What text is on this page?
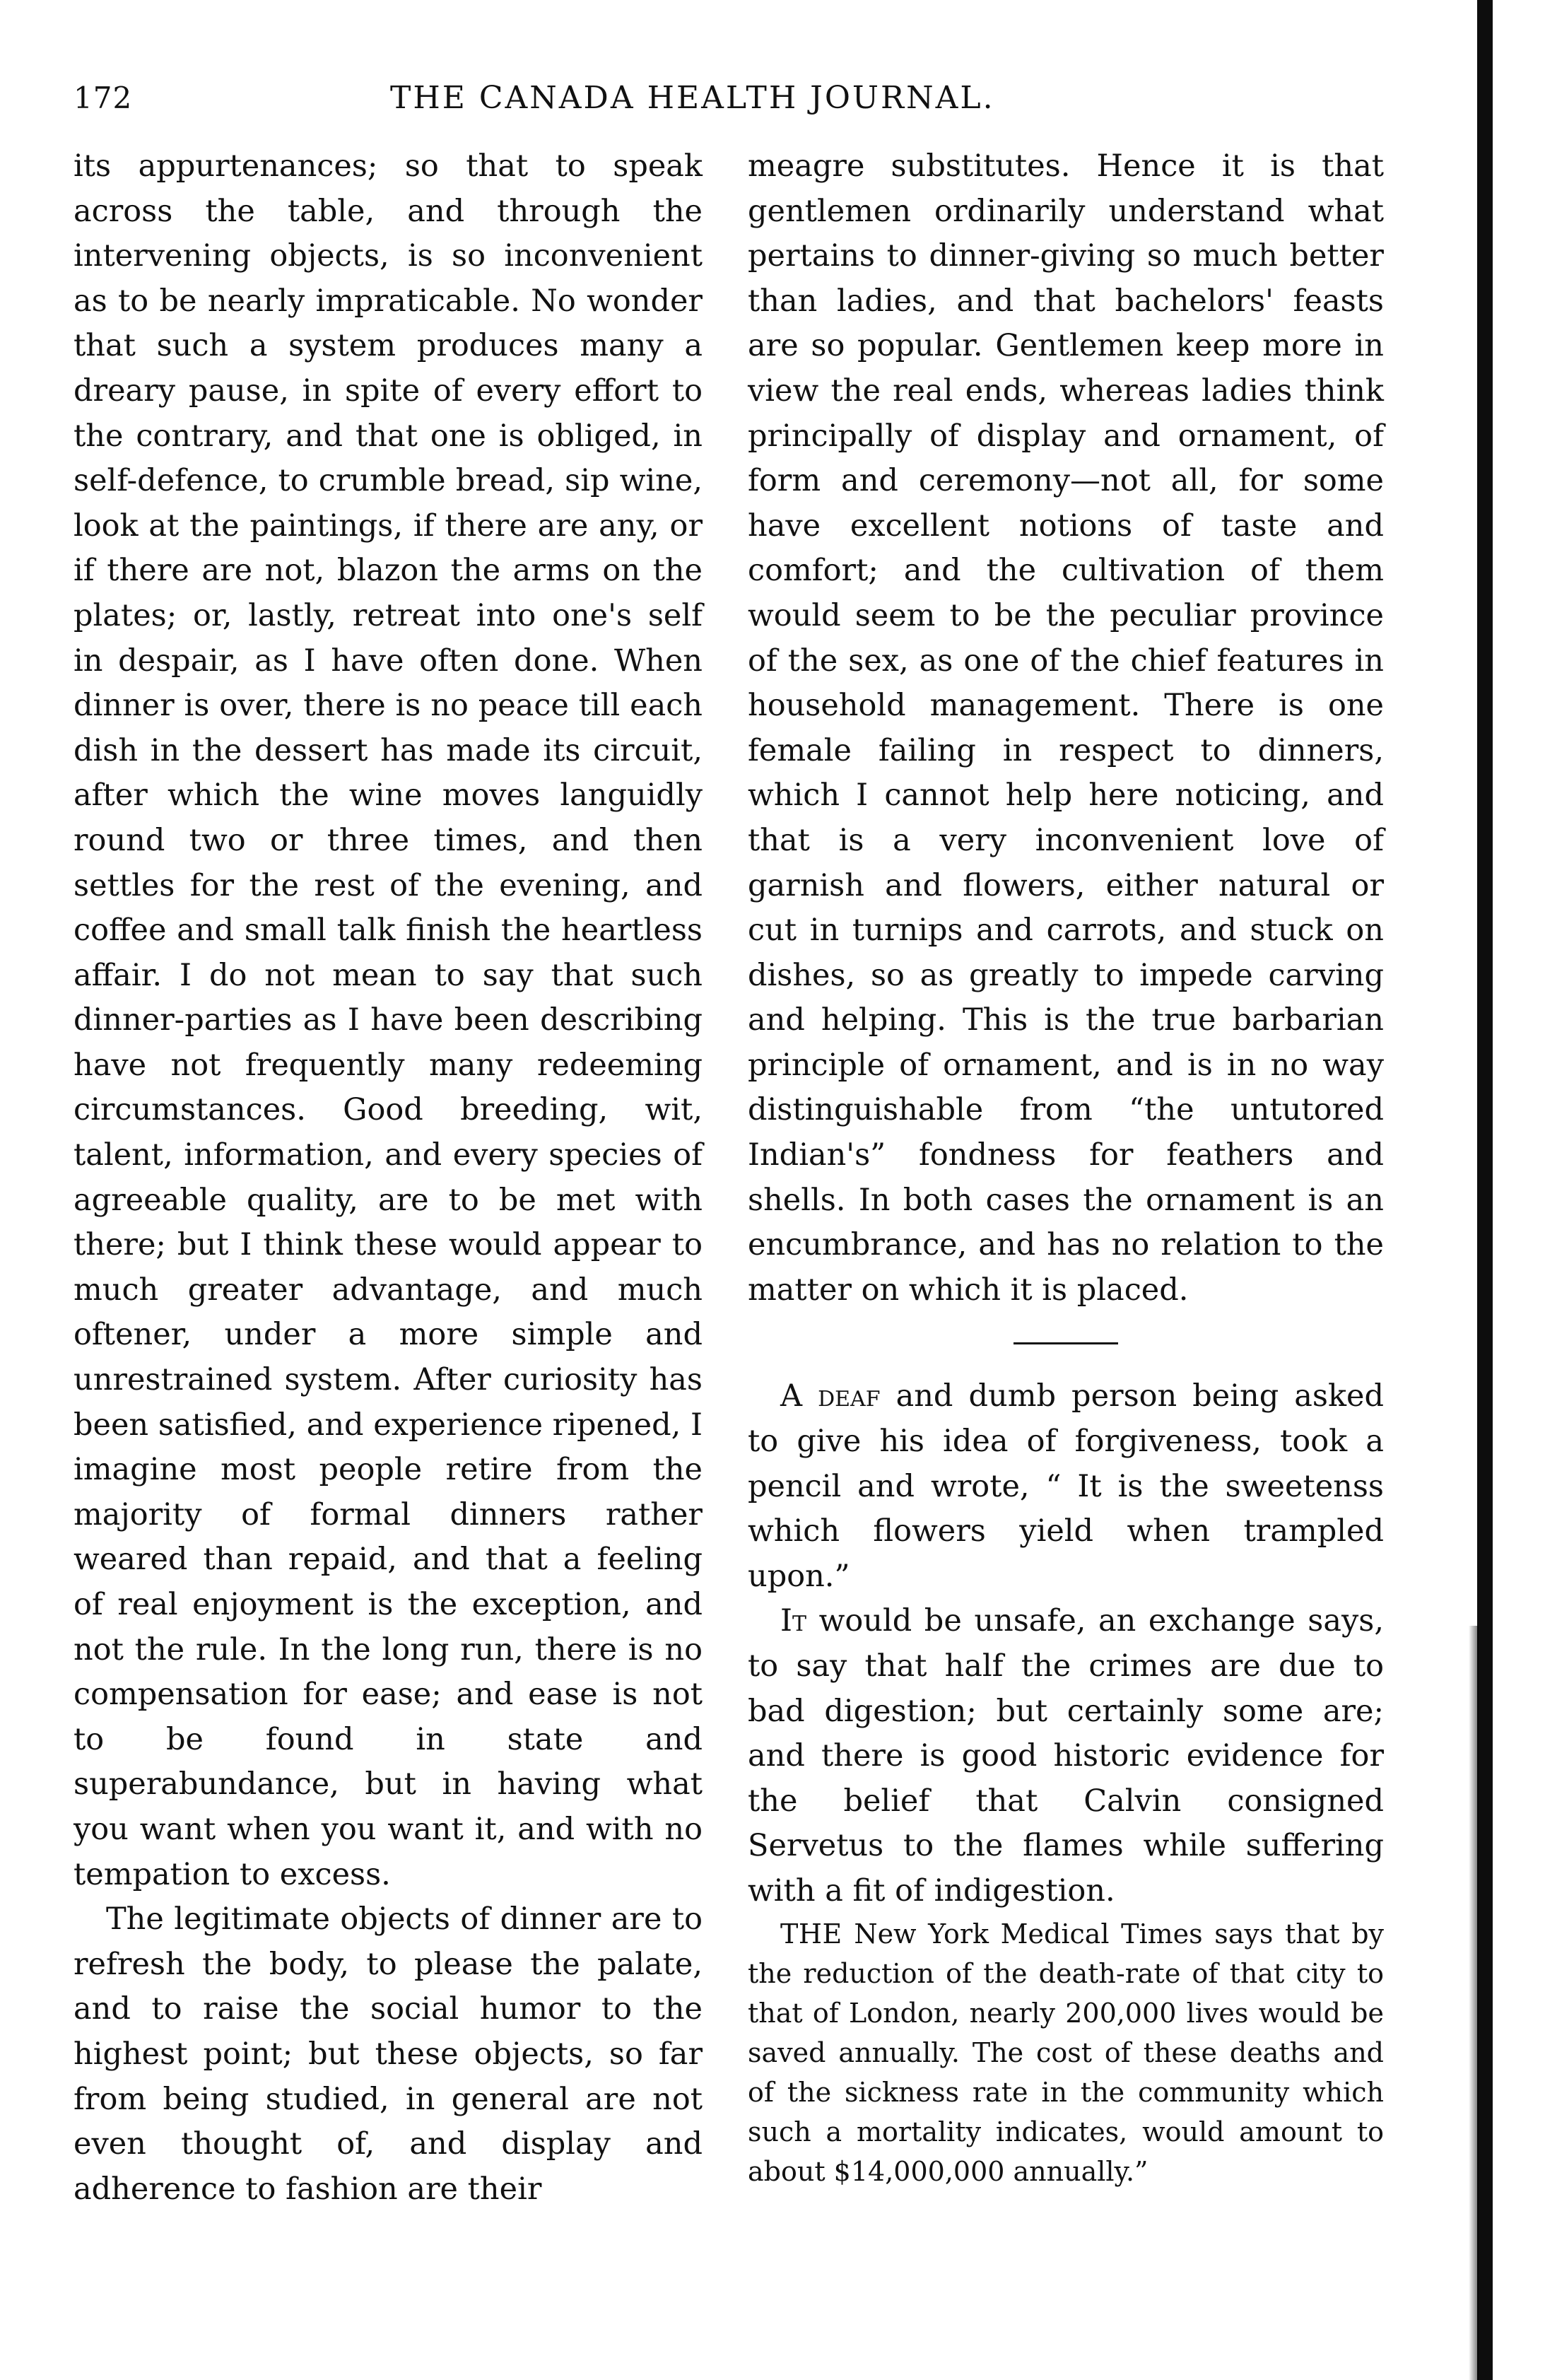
172	THE CANADA HEALTH JOURNAL.

its appurtenances; so that to speak across the table, and through the intervening objects, is so inconvenient as to be nearly impraticable. No wonder that such a system produces many a dreary pause, in spite of every effort to the contrary, and that one is obliged, in self-defence, to crumble bread, sip wine, look at the paintings, if there are any, or if there are not, blazon the arms on the plates; or, lastly, retreat into one's self in despair, as I have often done. When dinner is over, there is no peace till each dish in the dessert has made its circuit, after which the wine moves languidly round two or three times, and then settles for the rest of the evening, and coffee and small talk finish the heartless affair. I do not mean to say that such dinner-parties as I have been describing have not frequently many redeeming circumstances. Good breeding, wit, talent, information, and every species of agreeable quality, are to be met with there; but I think these would appear to much greater advantage, and much oftener, under a more simple and unrestrained system. After curiosity has been satisfied, and experience ripened, I imagine most people retire from the majority of formal dinners rather weared than repaid, and that a feeling of real enjoyment is the exception, and not the rule. In the long run, there is no compensation for ease; and ease is not to be found in state and superabundance, but in having what you want when you want it, and with no tempation to excess.

The legitimate objects of dinner are to refresh the body, to please the palate, and to raise the social humor to the highest point; but these objects, so far from being studied, in general are not even thought of, and display and adherence to fashion are their

meagre substitutes. Hence it is that gentlemen ordinarily understand what pertains to dinner-giving so much better than ladies, and that bachelors' feasts are so popular. Gentlemen keep more in view the real ends, whereas ladies think principally of display and ornament, of form and ceremony—not all, for some have excellent notions of taste and comfort; and the cultivation of them would seem to be the peculiar province of the sex, as one of the chief features in household management. There is one female failing in respect to dinners, which I cannot help here noticing, and that is a very inconvenient love of garnish and flowers, either natural or cut in turnips and carrots, and stuck on dishes, so as greatly to impede carving and helping. This is the true barbarian principle of ornament, and is in no way distinguishable from “the untutored Indian's” fondness for feathers and shells. In both cases the ornament is an encumbrance, and has no relation to the matter on which it is placed.

A deaf and dumb person being asked to give his idea of forgiveness, took a pencil and wrote, “ It is the sweetenss which flowers yield when trampled upon.”

It would be unsafe, an exchange says, to say that half the crimes are due to bad digestion; but certainly some are; and there is good historic evidence for the belief that Calvin consigned Servetus to the flames while suffering with a fit of indigestion.

THE New York Medical Times says that by the reduction of the death-rate of that city to that of London, nearly 200,000 lives would be saved annually. The cost of these deaths and of the sickness rate in the community which such a mortality indicates, would amount to about $14,000,000 annually.”
